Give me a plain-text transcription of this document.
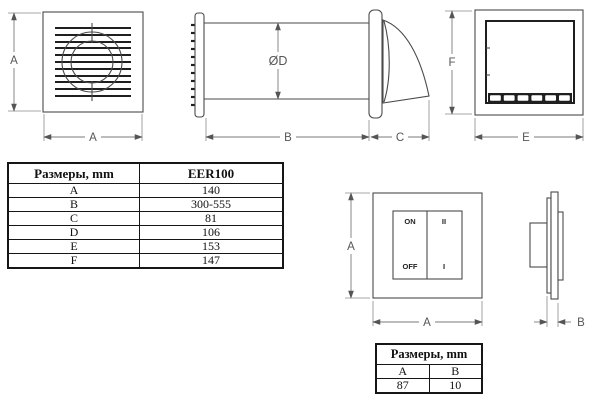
A
A
ØD
B	C
F
E
A
ON
OFF
II
I
A	B
Размеры, mm	EER100
A	140
B	300-555
C	81
D	106
E	153
F	147
Размеры, mm	
A	B
87	10
